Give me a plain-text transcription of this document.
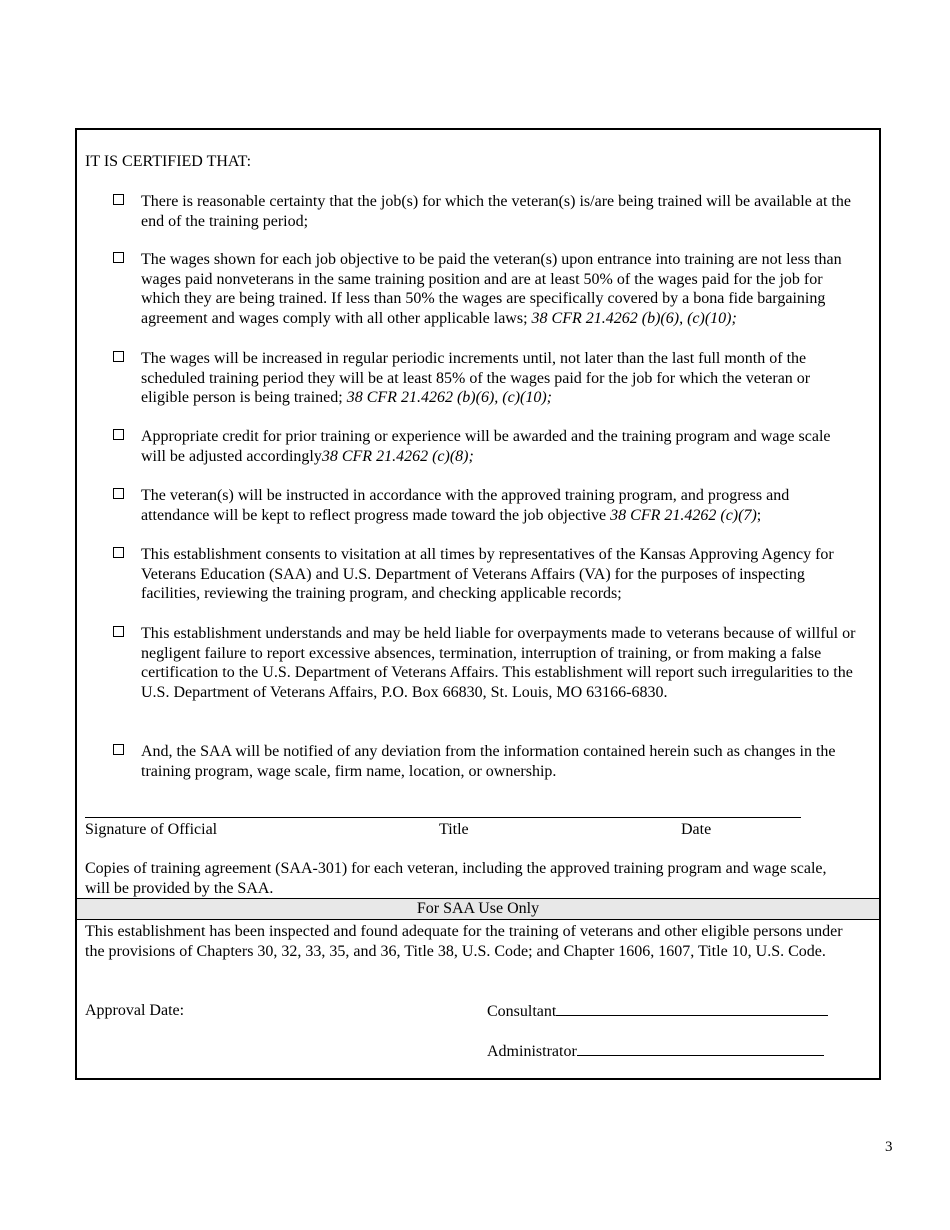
IT IS CERTIFIED THAT:
There is reasonable certainty that the job(s) for which the veteran(s) is/are being trained will be available at the end of the training period;
The wages shown for each job objective to be paid the veteran(s) upon entrance into training are not less than wages paid nonveterans in the same training position and are at least 50% of the wages paid for the job for which they are being trained. If less than 50% the wages are specifically covered by a bona fide bargaining agreement and wages comply with all other applicable laws; 38 CFR 21.4262 (b)(6), (c)(10);
The wages will be increased in regular periodic increments until, not later than the last full month of the scheduled training period they will be at least 85% of the wages paid for the job for which the veteran or eligible person is being trained; 38 CFR 21.4262 (b)(6), (c)(10);
Appropriate credit for prior training or experience will be awarded and the training program and wage scale will be adjusted accordingly38 CFR 21.4262 (c)(8);
The veteran(s) will be instructed in accordance with the approved training program, and progress and attendance will be kept to reflect progress made toward the job objective 38 CFR 21.4262 (c)(7);
This establishment consents to visitation at all times by representatives of the Kansas Approving Agency for Veterans Education (SAA) and U.S. Department of Veterans Affairs (VA) for the purposes of inspecting facilities, reviewing the training program, and checking applicable records;
This establishment understands and may be held liable for overpayments made to veterans because of willful or negligent failure to report excessive absences, termination, interruption of training, or from making a false certification to the U.S. Department of Veterans Affairs. This establishment will report such irregularities to the U.S. Department of Veterans Affairs, P.O. Box 66830, St. Louis, MO 63166-6830.
And, the SAA will be notified of any deviation from the information contained herein such as changes in the training program, wage scale, firm name, location, or ownership.
Signature of Official	Title	Date
Copies of training agreement (SAA-301) for each veteran, including the approved training program and wage scale, will be provided by the SAA.
For SAA Use Only
This establishment has been inspected and found adequate for the training of veterans and other eligible persons under the provisions of Chapters 30, 32, 33, 35, and 36, Title 38, U.S. Code; and Chapter 1606, 1607, Title 10, U.S. Code.
Approval Date:	Consultant
Administrator
3
